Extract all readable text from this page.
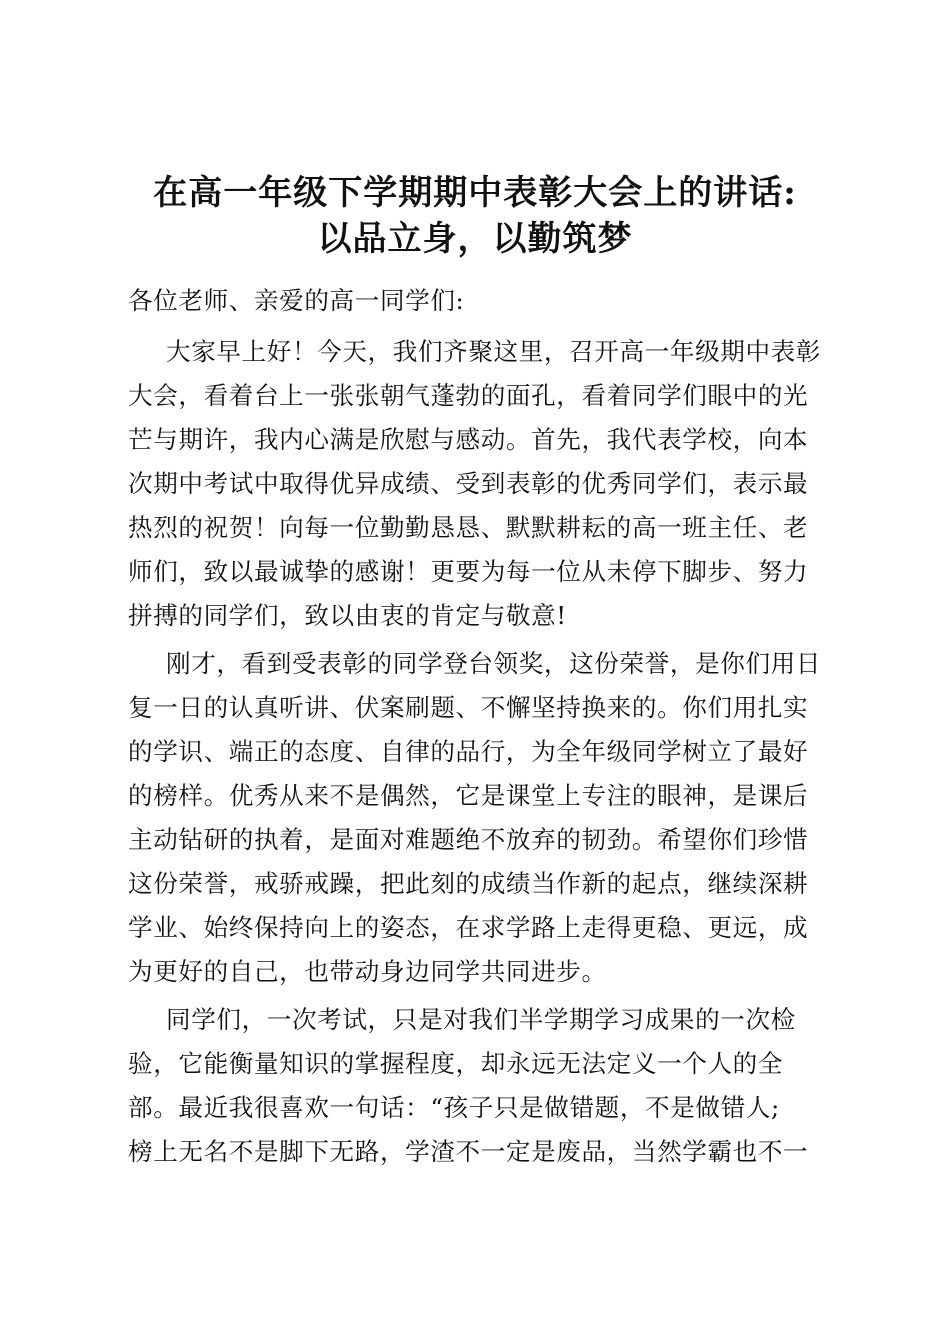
在高一年级下学期期中表彰大会上的讲话:
以品立身，以勤筑梦
各位老师、亲爱的高一同学们:
大家早上好！今天，我们齐聚这里，召开高一年级期中表彰
大会，看着台上一张张朝气蓬勃的面孔，看着同学们眼中的光
芒与期许，我内心满是欣慰与感动。首先，我代表学校，向本
次期中考试中取得优异成绩、受到表彰的优秀同学们，表示最
热烈的祝贺！向每一位勤勤恳恳、默默耕耘的高一班主任、老
师们，致以最诚挚的感谢！更要为每一位从未停下脚步、努力
拼搏的同学们，致以由衷的肯定与敬意!
刚才，看到受表彰的同学登台领奖，这份荣誉，是你们用日
复一日的认真听讲、伏案刷题、不懈坚持换来的。你们用扎实
的学识、端正的态度、自律的品行，为全年级同学树立了最好
的榜样。优秀从来不是偶然，它是课堂上专注的眼神，是课后
主动钻研的执着，是面对难题绝不放弃的韧劲。希望你们珍惜
这份荣誉，戒骄戒躁，把此刻的成绩当作新的起点，继续深耕
学业、始终保持向上的姿态，在求学路上走得更稳、更远，成
为更好的自己，也带动身边同学共同进步。
同学们，一次考试，只是对我们半学期学习成果的一次检
验，它能衡量知识的掌握程度，却永远无法定义一个人的全
部。最近我很喜欢一句话：“孩子只是做错题，不是做错人;
榜上无名不是脚下无路，学渣不一定是废品，当然学霸也不一
